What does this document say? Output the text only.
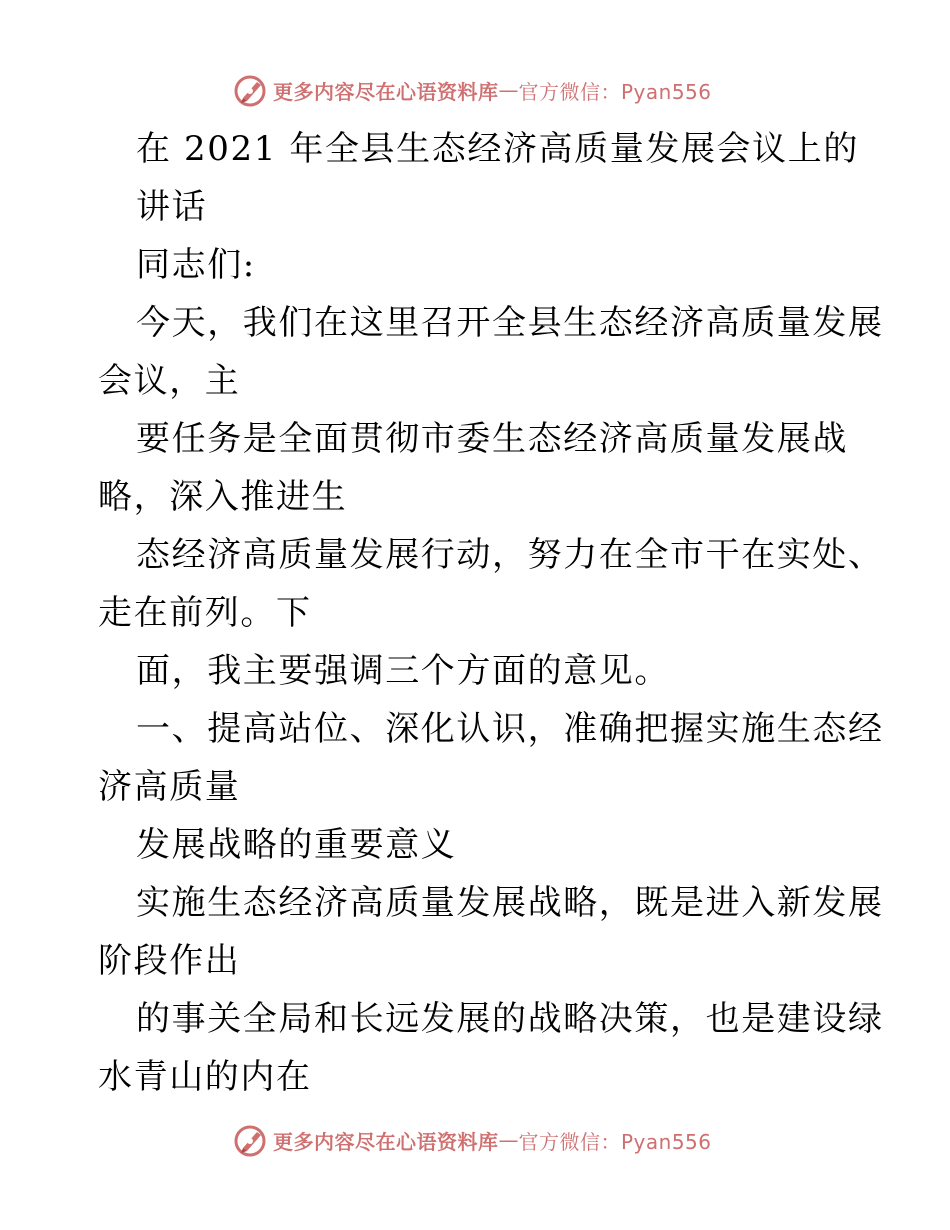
更多内容尽在心语资料库 — 官方微信：Pyan556
在 2021 年全县生态经济高质量发展会议上的
讲话
同志们:
今天，我们在这里召开全县生态经济高质量发展
会议，主
要任务是全面贯彻市委生态经济高质量发展战
略，深入推进生
态经济高质量发展行动，努力在全市干在实处、
走在前列。下
面，我主要强调三个方面的意见。
一、提高站位、深化认识，准确把握实施生态经
济高质量
发展战略的重要意义
实施生态经济高质量发展战略，既是进入新发展
阶段作出
的事关全局和长远发展的战略决策，也是建设绿
水青山的内在
更多内容尽在心语资料库 — 官方微信：Pyan556
